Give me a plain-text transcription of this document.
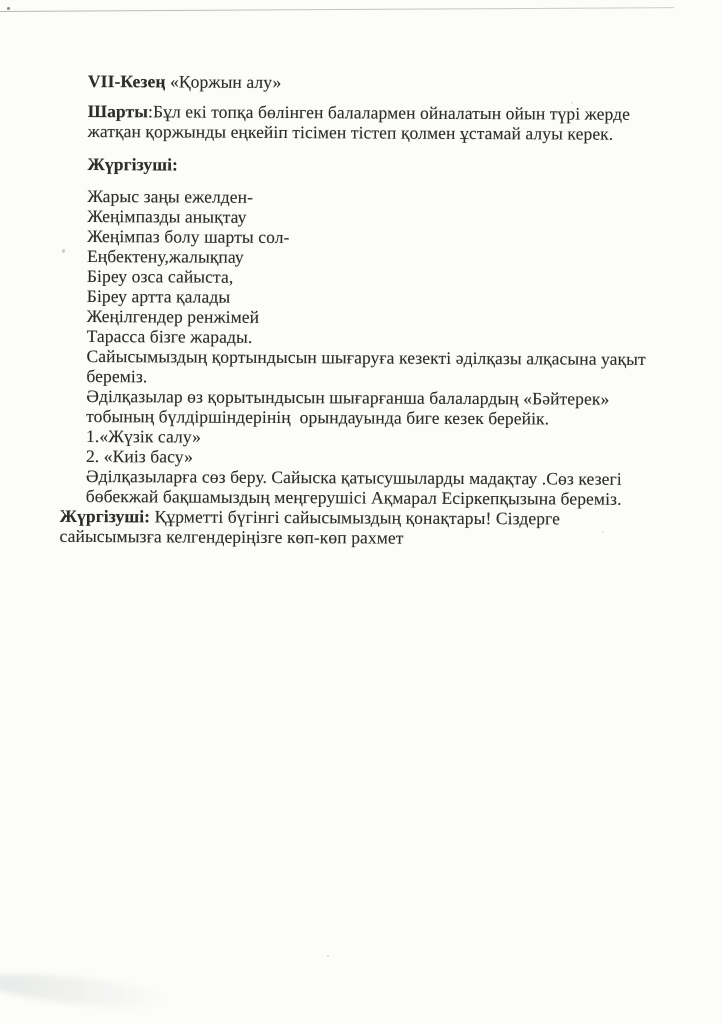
VII-Кезең «Қоржын алу»

Шарты:Бұл екі топқа бөлінген балалармен ойналатын ойын түрі жерде
жатқан қоржынды еңкейіп тісімен тістеп қолмен ұстамай алуы керек.

Жүргізуші:

Жарыс заңы ежелден-
Жеңімпазды анықтау
Жеңімпаз болу шарты сол-
Еңбектену,жалықпау
Біреу озса сайыста,
Біреу артта қалады
Жеңілгендер ренжімей
Тарасса бізге жарады.

Сайысымыздың қортындысын шығаруға кезекті әділқазы алқасына уақыт
береміз.

Әділқазылар өз қорытындысын шығарғанша балалардың «Бәйтерек»
тобының бүлдіршіндерінің  орындауында биге кезек берейік.

1.«Жүзік салу»
2. «Киіз басу»

Әділқазыларға сөз беру. Сайыска қатысушыларды мадақтау .Сөз кезегі
бөбекжай бақшамыздың меңгерушісі Ақмарал Есіркепқызына береміз.

Жүргізуші: Құрметті бүгінгі сайысымыздың қонақтары! Сіздерге
сайысымызға келгендеріңізге көп-көп рахмет
